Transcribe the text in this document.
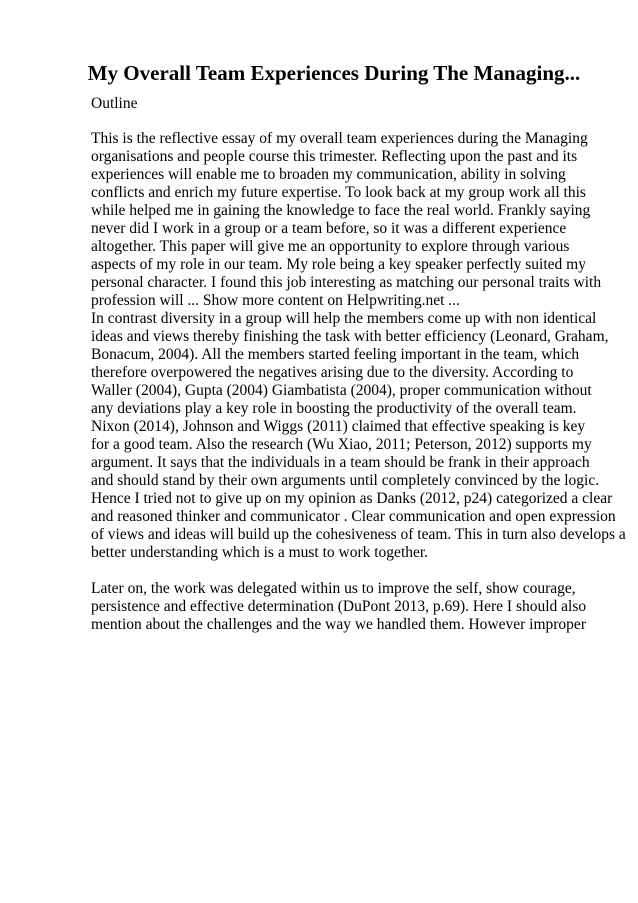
My Overall Team Experiences During The Managing...

Outline

This is the reflective essay of my overall team experiences during the Managing

organisations and people course this trimester. Reflecting upon the past and its

experiences will enable me to broaden my communication, ability in solving

conflicts and enrich my future expertise. To look back at my group work all this

while helped me in gaining the knowledge to face the real world. Frankly saying

never did I work in a group or a team before, so it was a different experience

altogether. This paper will give me an opportunity to explore through various

aspects of my role in our team. My role being a key speaker perfectly suited my

personal character. I found this job interesting as matching our personal traits with

profession will ... Show more content on Helpwriting.net ...

In contrast diversity in a group will help the members come up with non identical

ideas and views thereby finishing the task with better efficiency (Leonard, Graham,

Bonacum, 2004). All the members started feeling important in the team, which

therefore overpowered the negatives arising due to the diversity. According to

Waller (2004), Gupta (2004) Giambatista (2004), proper communication without

any deviations play a key role in boosting the productivity of the overall team.

Nixon (2014), Johnson and Wiggs (2011) claimed that effective speaking is key

for a good team. Also the research (Wu Xiao, 2011; Peterson, 2012) supports my

argument. It says that the individuals in a team should be frank in their approach

and should stand by their own arguments until completely convinced by the logic.

Hence I tried not to give up on my opinion as Danks (2012, p24) categorized a clear

and reasoned thinker and communicator . Clear communication and open expression

of views and ideas will build up the cohesiveness of team. This in turn also develops a

better understanding which is a must to work together.

Later on, the work was delegated within us to improve the self, show courage,

persistence and effective determination (DuPont 2013, p.69). Here I should also

mention about the challenges and the way we handled them. However improper
